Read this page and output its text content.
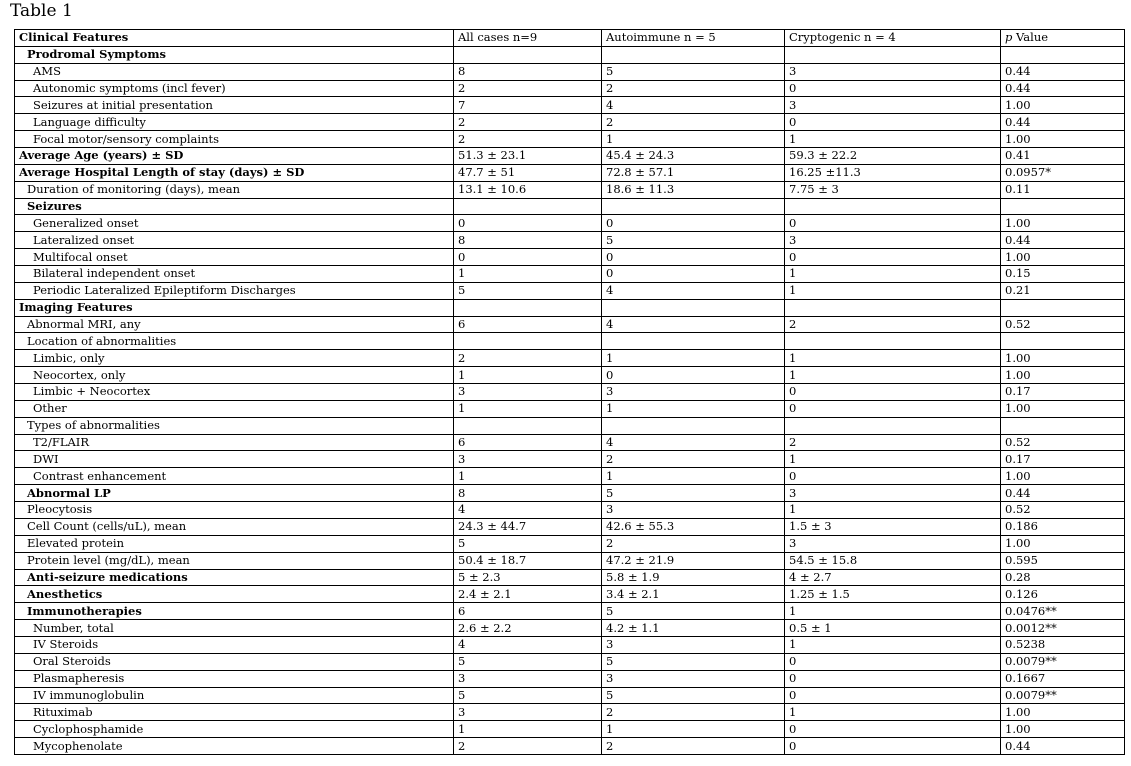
Table 1
Clinical Features	All cases n=9	Autoimmune n = 5	Cryptogenic n = 4	p Value
Prodromal Symptoms				
AMS	8	5	3	0.44
Autonomic symptoms (incl fever)	2	2	0	0.44
Seizures at initial presentation	7	4	3	1.00
Language difficulty	2	2	0	0.44
Focal motor/sensory complaints	2	1	1	1.00
Average Age (years) ± SD	51.3 ± 23.1	45.4 ± 24.3	59.3 ± 22.2	0.41
Average Hospital Length of stay (days) ± SD	47.7 ± 51	72.8 ± 57.1	16.25 ±11.3	0.0957*
Duration of monitoring (days), mean	13.1 ± 10.6	18.6 ± 11.3	7.75 ± 3	0.11
Seizures				
Generalized onset	0	0	0	1.00
Lateralized onset	8	5	3	0.44
Multifocal onset	0	0	0	1.00
Bilateral independent onset	1	0	1	0.15
Periodic Lateralized Epileptiform Discharges	5	4	1	0.21
Imaging Features				
Abnormal MRI, any	6	4	2	0.52
Location of abnormalities				
Limbic, only	2	1	1	1.00
Neocortex, only	1	0	1	1.00
Limbic + Neocortex	3	3	0	0.17
Other	1	1	0	1.00
Types of abnormalities				
T2/FLAIR	6	4	2	0.52
DWI	3	2	1	0.17
Contrast enhancement	1	1	0	1.00
Abnormal LP	8	5	3	0.44
Pleocytosis	4	3	1	0.52
Cell Count (cells/uL), mean	24.3 ± 44.7	42.6 ± 55.3	1.5 ± 3	0.186
Elevated protein	5	2	3	1.00
Protein level (mg/dL), mean	50.4 ± 18.7	47.2 ± 21.9	54.5 ± 15.8	0.595
Anti-seizure medications	5 ± 2.3	5.8 ± 1.9	4 ± 2.7	0.28
Anesthetics	2.4 ± 2.1	3.4 ± 2.1	1.25 ± 1.5	0.126
Immunotherapies	6	5	1	0.0476**
Number, total	2.6 ± 2.2	4.2 ± 1.1	0.5 ± 1	0.0012**
IV Steroids	4	3	1	0.5238
Oral Steroids	5	5	0	0.0079**
Plasmapheresis	3	3	0	0.1667
IV immunoglobulin	5	5	0	0.0079**
Rituximab	3	2	1	1.00
Cyclophosphamide	1	1	0	1.00
Mycophenolate	2	2	0	0.44
